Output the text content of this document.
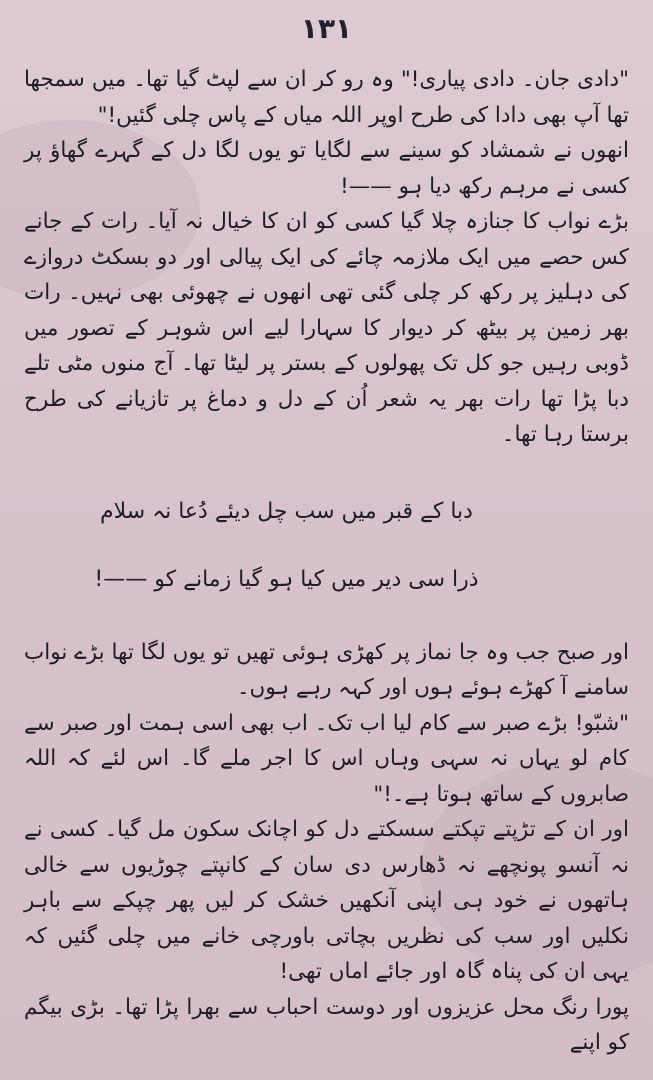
۱۳۱

"دادی جان۔ دادی پیاری!" وہ رو کر ان سے لپٹ گیا تھا۔ میں سمجھا تھا آپ بھی دادا کی طرح اوپر اللہ میاں کے پاس چلی گئیں!"

انھوں نے شمشاد کو سینے سے لگایا تو یوں لگا دل کے گہرے گھاؤ پر کسی نے مرہم رکھ دیا ہو ——!

بڑے نواب کا جنازہ چلا گیا کسی کو ان کا خیال نہ آیا۔ رات کے جانے کس حصے میں ایک ملازمہ چائے کی ایک پیالی اور دو بسکٹ دروازے کی دہلیز پر رکھ کر چلی گئی تھی انھوں نے چھوئی بھی نہیں۔ رات بھر زمین پر بیٹھ کر دیوار کا سہارا لیے اس شوہر کے تصور میں ڈوبی رہیں جو کل تک پھولوں کے بستر پر لیٹا تھا۔ آج منوں مٹی تلے دبا پڑا تھا رات بھر یہ شعر اُن کے دل و دماغ پر تازیانے کی طرح برستا رہا تھا۔

دبا کے قبر میں سب چل دیئے دُعا نہ سلام

ذرا سی دیر میں کیا ہو گیا زمانے کو ——!

اور صبح جب وہ جا نماز پر کھڑی ہوئی تھیں تو یوں لگا تھا بڑے نواب سامنے آ کھڑے ہوئے ہوں اور کہہ رہے ہوں۔

"شبّو! بڑے صبر سے کام لیا اب تک۔ اب بھی اسی ہمت اور صبر سے کام لو یہاں نہ سہی وہاں اس کا اجر ملے گا۔ اس لئے کہ اللہ صابروں کے ساتھ ہوتا ہے۔!"

اور ان کے تڑپتے تپکتے سسکتے دل کو اچانک سکون مل گیا۔ کسی نے نہ آنسو پونچھے نہ ڈھارس دی سان کے کانپتے چوڑیوں سے خالی ہاتھوں نے خود ہی اپنی آنکھیں خشک کر لیں پھر چپکے سے باہر نکلیں اور سب کی نظریں بچاتی باورچی خانے میں چلی گئیں کہ یہی ان کی پناہ گاہ اور جائے اماں تھی!

پورا رنگ محل عزیزوں اور دوست احباب سے بھرا پڑا تھا۔ بڑی بیگم کو اپنے
